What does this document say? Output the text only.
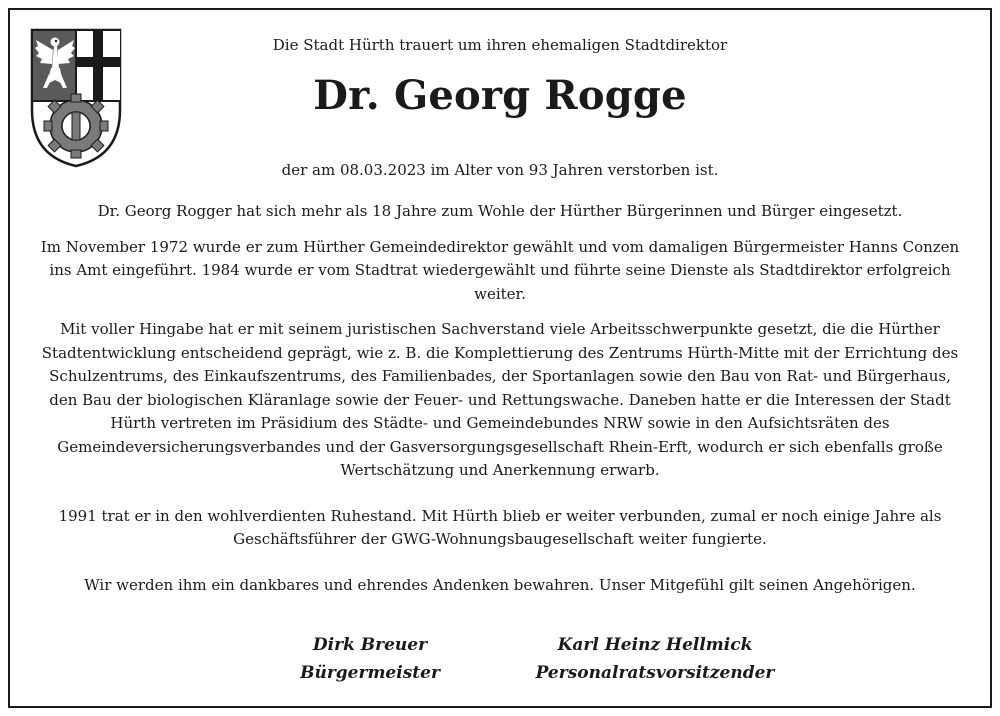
Die Stadt Hürth trauert um ihren ehemaligen Stadtdirektor
Dr. Georg Rogge
der am 08.03.2023 im Alter von 93 Jahren verstorben ist.

Dr. Georg Rogger hat sich mehr als 18 Jahre zum Wohle der Hürther Bürgerinnen und Bürger eingesetzt.

Im November 1972 wurde er zum Hürther Gemeindedirektor gewählt und vom damaligen Bürgermeister Hanns Conzen ins Amt eingeführt. 1984 wurde er vom Stadtrat wiedergewählt und führte seine Dienste als Stadtdirektor erfolgreich weiter.

Mit voller Hingabe hat er mit seinem juristischen Sachverstand viele Arbeitsschwerpunkte gesetzt, die die Hürther Stadtentwicklung entscheidend geprägt, wie z. B. die Komplettierung des Zentrums Hürth-Mitte mit der Errichtung des Schulzentrums, des Einkaufszentrums, des Familienbades, der Sportanlagen sowie den Bau von Rat- und Bürgerhaus, den Bau der biologischen Kläranlage sowie der Feuer- und Rettungswache. Daneben hatte er die Interessen der Stadt Hürth vertreten im Präsidium des Städte- und Gemeindebundes NRW sowie in den Aufsichtsräten des Gemeindeversicherungsverbandes und der Gasversorgungsgesellschaft Rhein-Erft, wodurch er sich ebenfalls große Wertschätzung und Anerkennung erwarb.

1991 trat er in den wohlverdienten Ruhestand. Mit Hürth blieb er weiter verbunden, zumal er noch einige Jahre als Geschäftsführer der GWG-Wohnungsbaugesellschaft weiter fungierte.

Wir werden ihm ein dankbares und ehrendes Andenken bewahren. Unser Mitgefühl gilt seinen Angehörigen.

Dirk Breuer
Bürgermeister
Karl Heinz Hellmick
Personalratsvorsitzender
